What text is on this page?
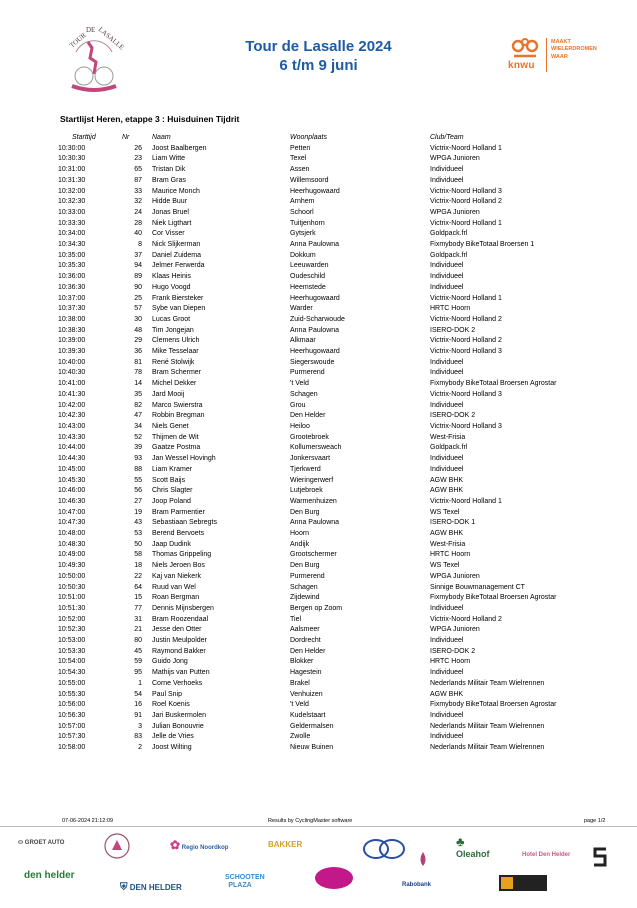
TOUR
DE LASALLE	Tour de Lasalle 2024
6 t/m 9 juni	knwu
MAAKT
WIELERDROMEN
WAAR
Startlijst Heren, etappe 3 : Huisduinen Tijdrit
Starttijd	Nr	Naam	Woonplaats	Club/Team
10:30:00	26	Joost Baalbergen	Petten	Victrix-Noord Holland 1
10:30:30	23	Liam Witte	Texel	WPGA Junioren
10:31:00	65	Tristan Dik	Assen	Individueel
10:31:30	87	Bram Gras	Willemsoord	Individueel
10:32:00	33	Maurice Monch	Heerhugowaard	Victrix-Noord Holland 3
10:32:30	32	Hidde Buur	Arnhem	Victrix-Noord Holland 2
10:33:00	24	Jonas Bruel	Schoorl	WPGA Junioren
10:33:30	28	Niek Ligthart	Tuitjenhorn	Victrix-Noord Holland 1
10:34:00	40	Cor Visser	Gytsjerk	Goldpack.frl
10:34:30	8	Nick Slijkerman	Anna Paulowna	Fixmybody BikeTotaal Broersen 1
10:35:00	37	Daniel Zuidema	Dokkum	Goldpack.frl
10:35:30	94	Jelmer Ferwerda	Leeuwarden	Individueel
10:36:00	89	Klaas Heinis	Oudeschild	Individueel
10:36:30	90	Hugo Voogd	Heemstede	Individueel
10:37:00	25	Frank Biersteker	Heerhugowaard	Victrix-Noord Holland 1
10:37:30	57	Sybe van Diepen	Warder	HRTC Hoorn
10:38:00	30	Lucas Groot	Zuid-Scharwoude	Victrix-Noord Holland 2
10:38:30	48	Tim Jongejan	Anna Paulowna	ISERO-DOK 2
10:39:00	29	Clemens Ulrich	Alkmaar	Victrix-Noord Holland 2
10:39:30	36	Mike Tesselaar	Heerhugowaard	Victrix-Noord Holland 3
10:40:00	81	René Stolwijk	Siegerswoude	Individueel
10:40:30	78	Bram Schermer	Purmerend	Individueel
10:41:00	14	Michel Dekker	't Veld	Fixmybody BikeTotaal Broersen Agrostar
10:41:30	35	Jard Mooij	Schagen	Victrix-Noord Holland 3
10:42:00	82	Marco Swierstra	Grou	Individueel
10:42:30	47	Robbin Bregman	Den Helder	ISERO-DOK 2
10:43:00	34	Niels Genet	Heiloo	Victrix-Noord Holland 3
10:43:30	52	Thijmen de Wit	Grootebroek	West-Frisia
10:44:00	39	Gaatze Postma	Kollumersweach	Goldpack.frl
10:44:30	93	Jan Wessel Hovingh	Jonkersvaart	Individueel
10:45:00	88	Liam Kramer	Tjerkwerd	Individueel
10:45:30	55	Scott Baijs	Wieringerwerf	AGW BHK
10:46:00	56	Chris Slagter	Lutjebroek	AGW BHK
10:46:30	27	Joop Poland	Warmenhuizen	Victrix-Noord Holland 1
10:47:00	19	Bram Parmentier	Den Burg	WS Texel
10:47:30	43	Sebastiaan Sebregts	Anna Paulowna	ISERO-DOK 1
10:48:00	53	Berend Bervoets	Hoorn	AGW BHK
10:48:30	50	Jaap Dudink	Andijk	West-Frisia
10:49:00	58	Thomas Grippeling	Grootschermer	HRTC Hoorn
10:49:30	18	Niels Jeroen Bos	Den Burg	WS Texel
10:50:00	22	Kaj van Niekerk	Purmerend	WPGA Junioren
10:50:30	64	Ruud van Wel	Schagen	Sinnige Bouwmanagement CT
10:51:00	15	Roan Bergman	Zijdewind	Fixmybody BikeTotaal Broersen Agrostar
10:51:30	77	Dennis Mijnsbergen	Bergen op Zoom	Individueel
10:52:00	31	Bram Roozendaal	Tiel	Victrix-Noord Holland 2
10:52:30	21	Jesse den Otter	Aalsmeer	WPGA Junioren
10:53:00	80	Justin Meulpolder	Dordrecht	Individueel
10:53:30	45	Raymond Bakker	Den Helder	ISERO-DOK 2
10:54:00	59	Guido Jong	Blokker	HRTC Hoorn
10:54:30	95	Mathijs van Putten	Hagestein	Individueel
10:55:00	1	Corne Verhoeks	Brakel	Nederlands Militair Team Wielrennen
10:55:30	54	Paul Snip	Venhuizen	AGW BHK
10:56:00	16	Roel Koenis	't Veld	Fixmybody BikeTotaal Broersen Agrostar
10:56:30	91	Jari Buskermolen	Kudelstaart	Individueel
10:57:00	3	Julian Bonouvrie	Geldermalsen	Nederlands Militair Team Wielrennen
10:57:30	83	Jelle de Vries	Zwolle	Individueel
10:58:00	2	Joost Wilting	Nieuw Buinen	Nederlands Militair Team Wielrennen
07-06-2024 21:12:09	Results by CyclingMaster software	page 1/2
⬭ GROET AUTO	✿ Regio Noordkop	BAKKER	♣
Oleahof	Hotel Den Helder
den helder
⛨ DEN HELDER
SCHOOTEN PLAZA	Rabobank
